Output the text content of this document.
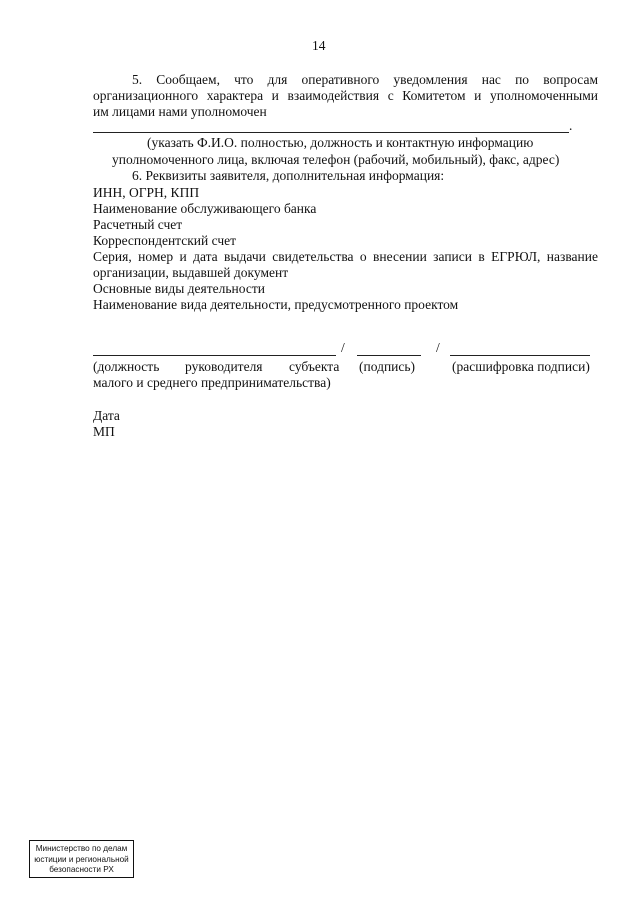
14
5. Сообщаем, что для оперативного уведомления нас по вопросам
организационного характера и взаимодействия с Комитетом и уполномоченными
им лицами нами уполномочен
.
(указать Ф.И.О. полностью, должность и контактную информацию
уполномоченного лица, включая телефон (рабочий, мобильный), факс, адрес)
6. Реквизиты заявителя, дополнительная информация:
ИНН, ОГРН, КПП
Наименование обслуживающего банка
Расчетный счет
Корреспондентский счет
Серия, номер и дата выдачи свидетельства о внесении записи в ЕГРЮЛ, название
организации, выдавшей документ
Основные виды деятельности
Наименование вида деятельности, предусмотренного проектом
/	/
(должность руководителя субъекта (подпись)	(расшифровка подписи)
малого и среднего предпринимательства)
Дата
МП
Министерство по делам
юстиции и региональной
безопасности РХ
